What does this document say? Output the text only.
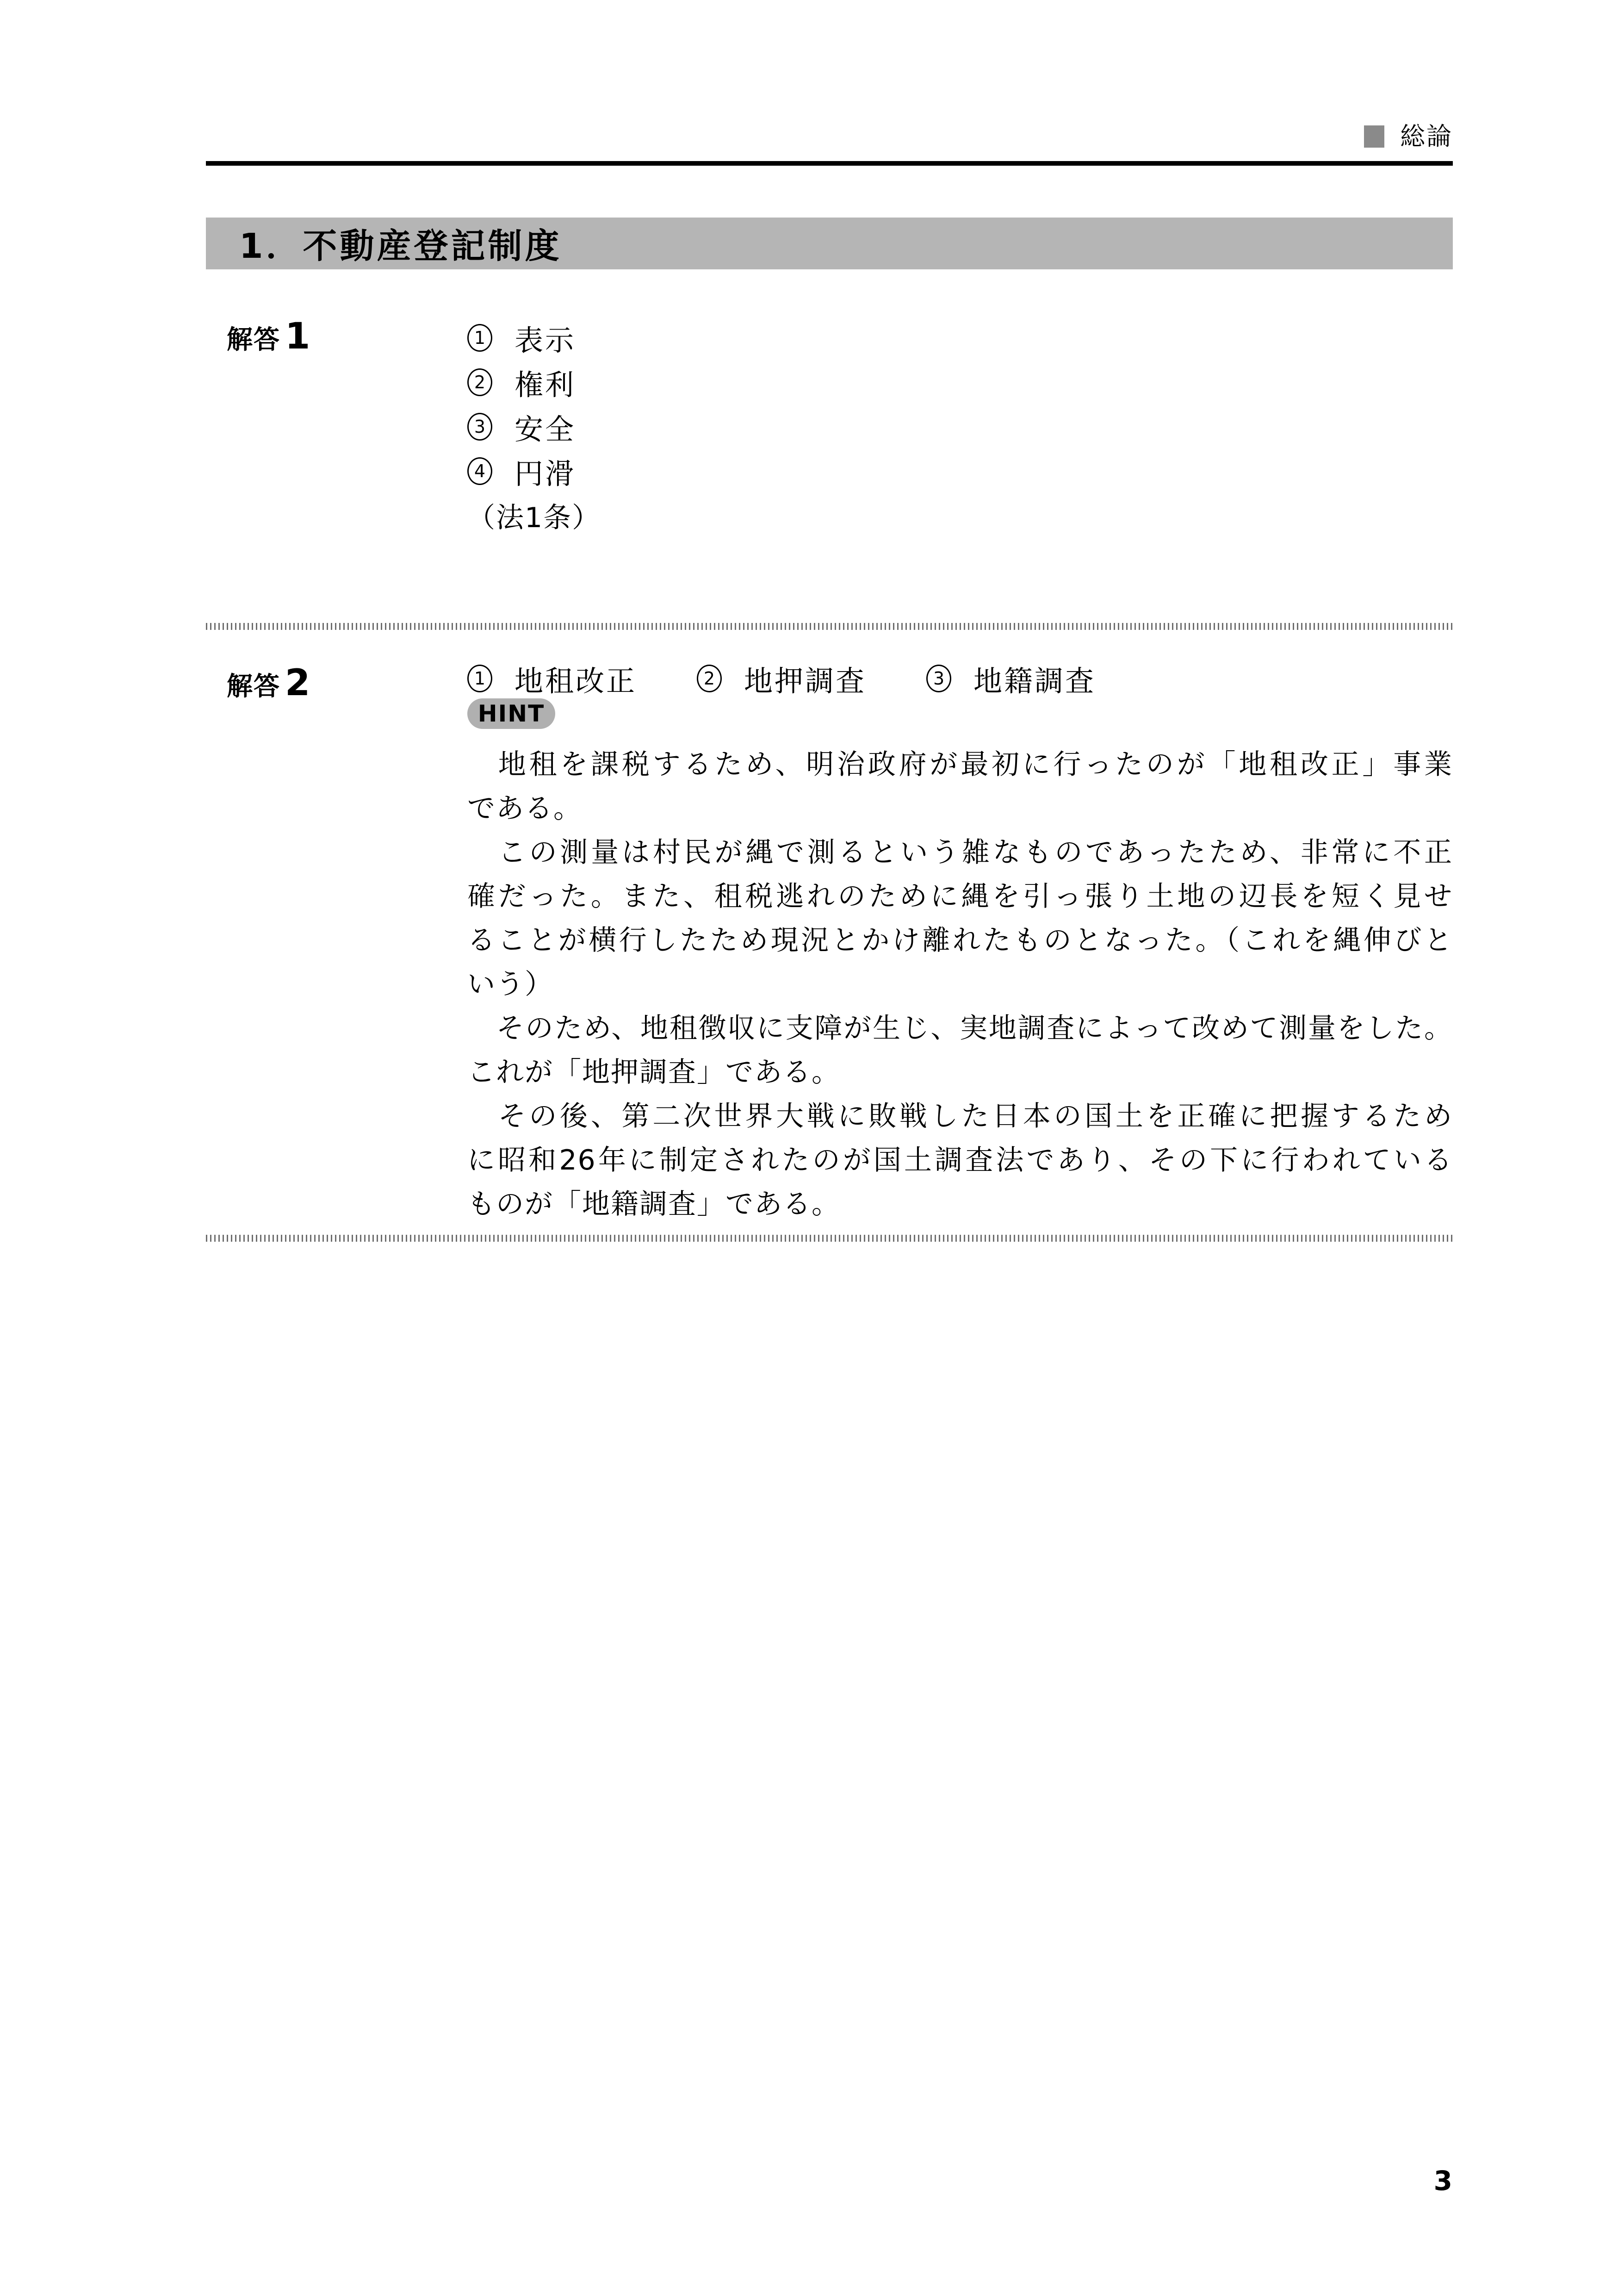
総論
1．不動産登記制度
解答 1	1 表示
2 権利
3 安全
4 円滑
（法1条）
解答 2	1 地租改正	2 地押調査	3 地籍調査
HINT
　地租を課税するため、明治政府が最初に行ったのが「地租改正」事業
である。
　この測量は村民が縄で測るという雑なものであったため、非常に不正
確だった。また、租税逃れのために縄を引っ張り土地の辺長を短く見せ
ることが横行したため現況とかけ離れたものとなった。（これを縄伸びと
いう）
　そのため、地租徴収に支障が生じ、実地調査によって改めて測量をした。
これが「地押調査」である。
　その後、第二次世界大戦に敗戦した日本の国土を正確に把握するため
に昭和26年に制定されたのが国土調査法であり、その下に行われている
ものが「地籍調査」である。
3
